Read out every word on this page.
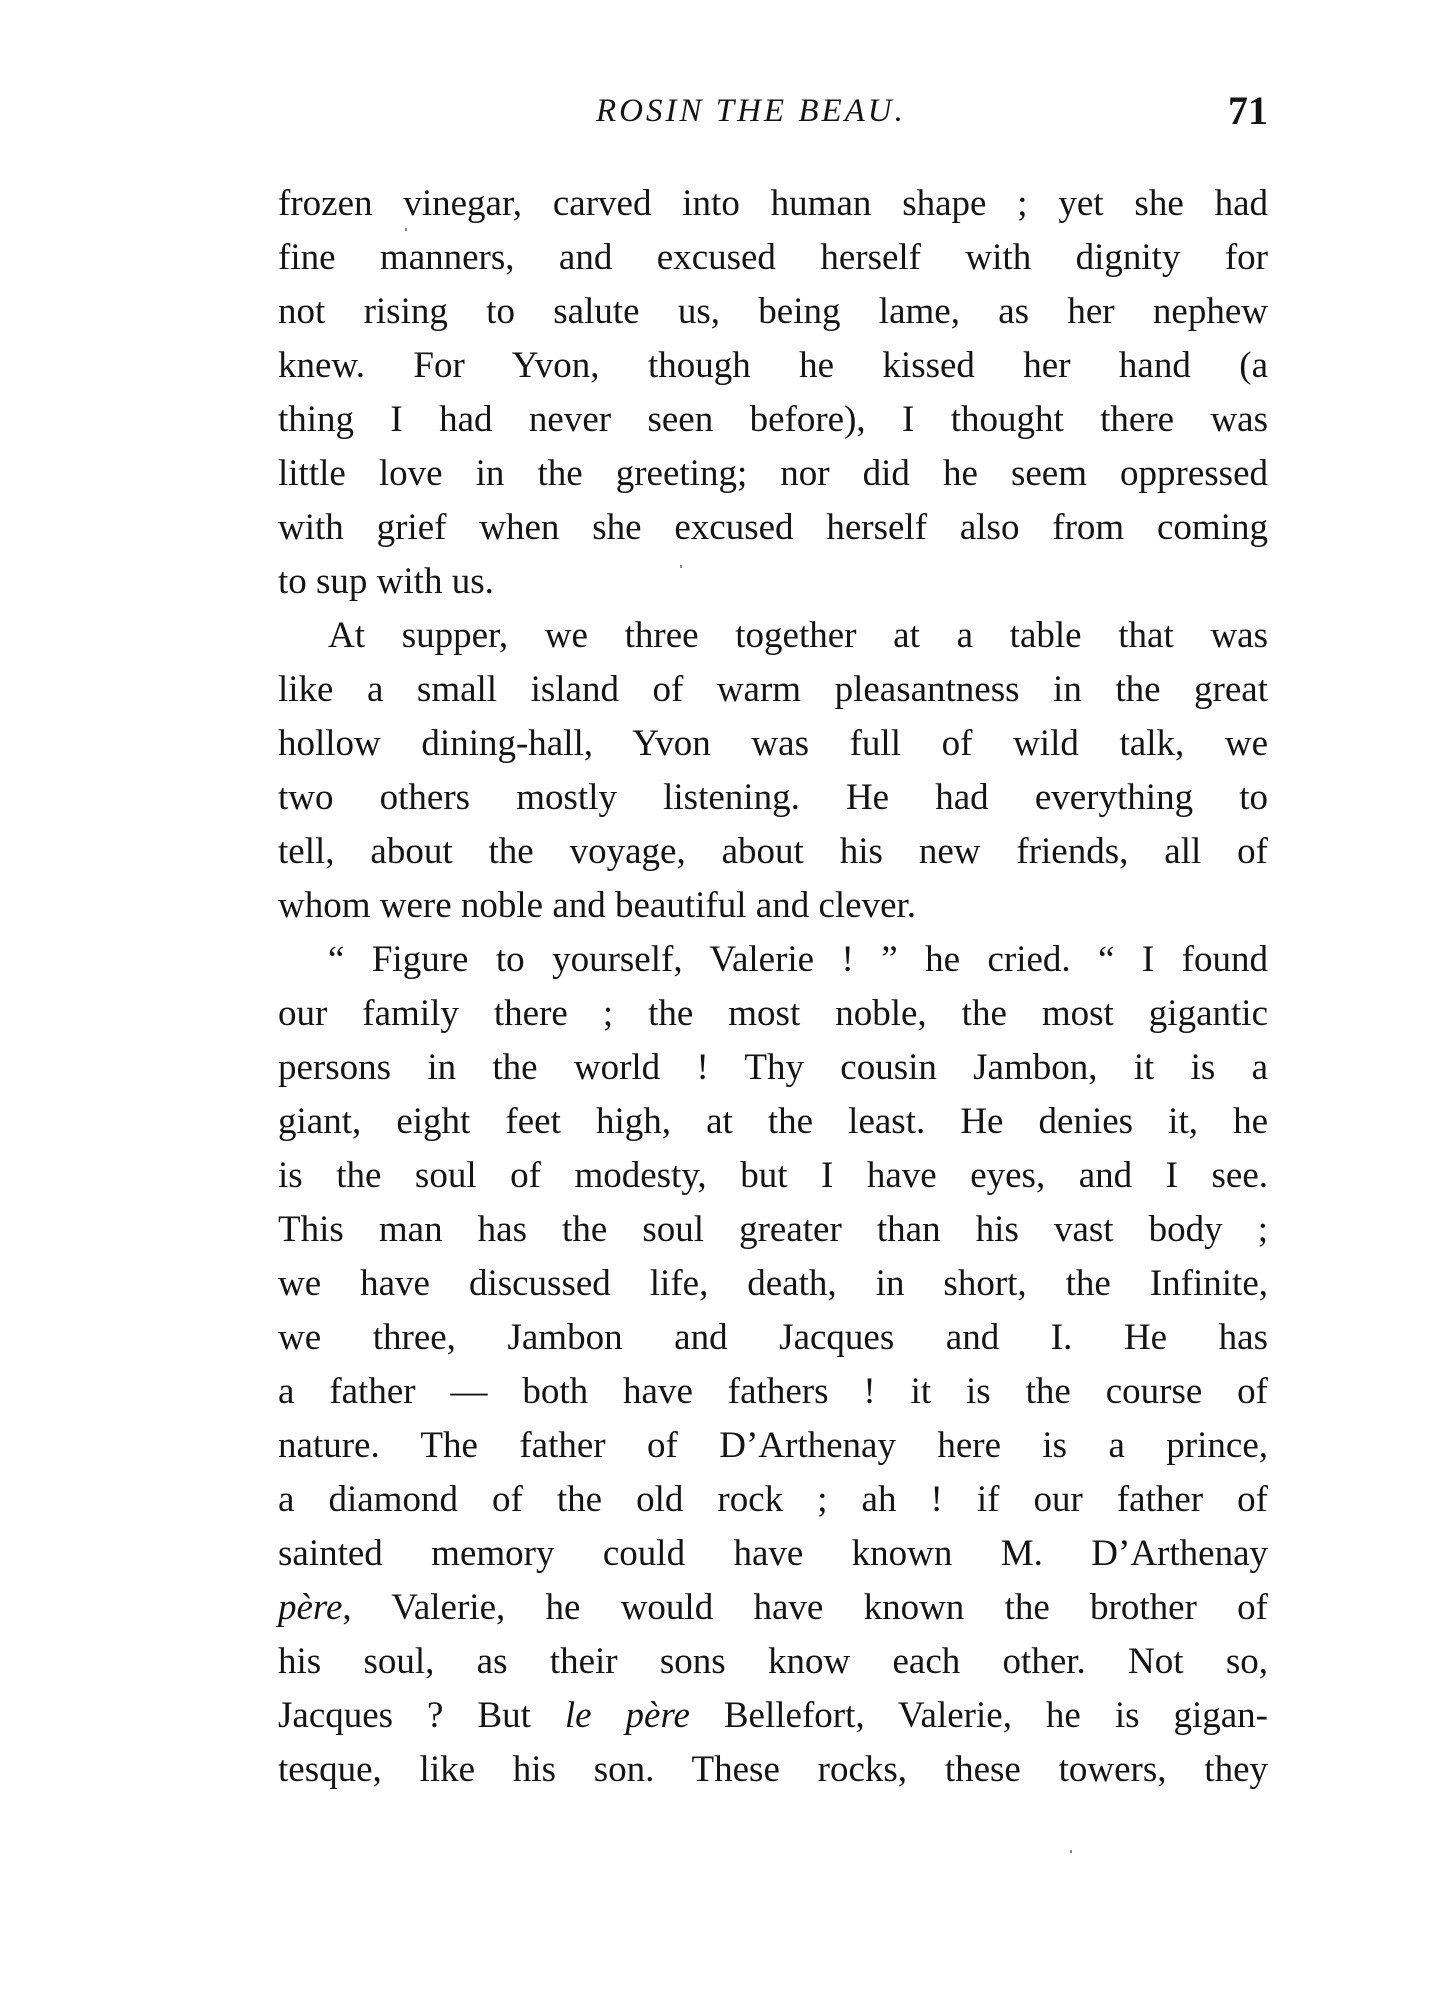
ROSIN THE BEAU.	71
frozen vinegar, carved into human shape ; yet she had
fine manners, and excused herself with dignity for
not rising to salute us, being lame, as her nephew
knew. For Yvon, though he kissed her hand (a
thing I had never seen before), I thought there was
little love in the greeting; nor did he seem oppressed
with grief when she excused herself also from coming
to sup with us.
At supper, we three together at a table that was
like a small island of warm pleasantness in the great
hollow dining-hall, Yvon was full of wild talk, we
two others mostly listening. He had everything to
tell, about the voyage, about his new friends, all of
whom were noble and beautiful and clever.
“ Figure to yourself, Valerie ! ” he cried. “ I found
our family there ; the most noble, the most gigantic
persons in the world ! Thy cousin Jambon, it is a
giant, eight feet high, at the least. He denies it, he
is the soul of modesty, but I have eyes, and I see.
This man has the soul greater than his vast body ;
we have discussed life, death, in short, the Infinite,
we three, Jambon and Jacques and I. He has
a father — both have fathers ! it is the course of
nature. The father of D’Arthenay here is a prince,
a diamond of the old rock ; ah ! if our father of
sainted memory could have known M. D’Arthenay
père, Valerie, he would have known the brother of
his soul, as their sons know each other. Not so,
Jacques ? But le père Bellefort, Valerie, he is gigan-
tesque, like his son. These rocks, these towers, they
